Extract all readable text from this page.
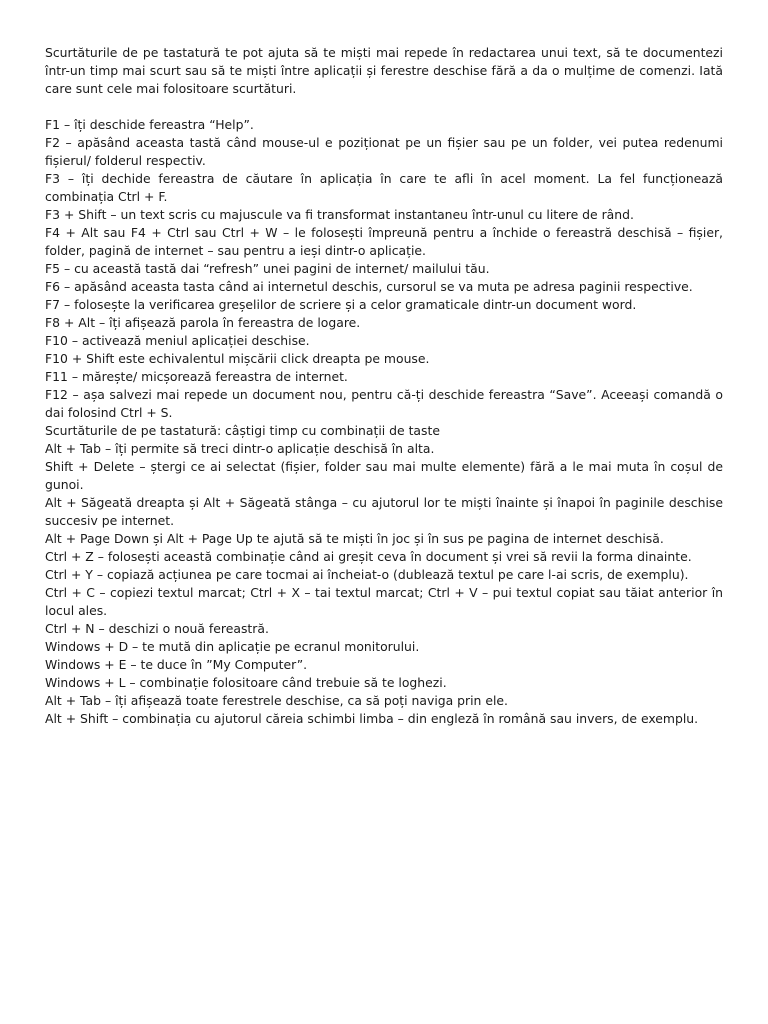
Scurtăturile de pe tastatură te pot ajuta să te miști mai repede în redactarea unui text, să te documentezi într-un timp mai scurt sau să te miști între aplicații și ferestre deschise fără a da o mulțime de comenzi. Iată care sunt cele mai folositoare scurtături.

F1 – îți deschide fereastra “Help”.

F2 – apăsând aceasta tastă când mouse-ul e poziționat pe un fișier sau pe un folder, vei putea redenumi fișierul/ folderul respectiv.

F3 – îți dechide fereastra de căutare în aplicația în care te afli în acel moment. La fel funcționează combinația Ctrl + F.

F3 + Shift – un text scris cu majuscule va fi transformat instantaneu într-unul cu litere de rând.

F4 + Alt sau F4 + Ctrl sau Ctrl + W – le folosești împreună pentru a închide o fereastră deschisă – fișier, folder, pagină de internet – sau pentru a ieși dintr-o aplicație.

F5 – cu această tastă dai “refresh” unei pagini de internet/ mailului tău.

F6 – apăsând aceasta tasta când ai internetul deschis, cursorul se va muta pe adresa paginii respective.

F7 – folosește la verificarea greșelilor de scriere și a celor gramaticale dintr-un document word.

F8 + Alt – îți afișează parola în fereastra de logare.

F10 – activează meniul aplicației deschise.

F10 + Shift este echivalentul mișcării click dreapta pe mouse.

F11 – mărește/ micșorează fereastra de internet.

F12 – așa salvezi mai repede un document nou, pentru că-ți deschide fereastra “Save”. Aceeași comandă o dai folosind Ctrl + S.

Scurtăturile de pe tastatură: câștigi timp cu combinații de taste

Alt + Tab – îți permite să treci dintr-o aplicație deschisă în alta.

Shift + Delete – ștergi ce ai selectat (fișier, folder sau mai multe elemente) fără a le mai muta în coșul de gunoi.

Alt + Săgeată dreapta și Alt + Săgeată stânga – cu ajutorul lor te miști înainte și înapoi în paginile deschise succesiv pe internet.

Alt + Page Down și Alt + Page Up te ajută să te miști în joc și în sus pe pagina de internet deschisă.

Ctrl + Z – folosești această combinație când ai greșit ceva în document și vrei să revii la forma dinainte.

Ctrl + Y – copiază acțiunea pe care tocmai ai încheiat-o (dublează textul pe care l-ai scris, de exemplu).

Ctrl + C – copiezi textul marcat; Ctrl + X – tai textul marcat; Ctrl + V – pui textul copiat sau tăiat anterior în locul ales.

Ctrl + N – deschizi o nouă fereastră.

Windows + D – te mută din aplicație pe ecranul monitorului.

Windows + E – te duce în ”My Computer”.

Windows + L – combinație folositoare când trebuie să te loghezi.

Alt + Tab – îți afișează toate ferestrele deschise, ca să poți naviga prin ele.

Alt + Shift – combinația cu ajutorul căreia schimbi limba – din engleză în română sau invers, de exemplu.
